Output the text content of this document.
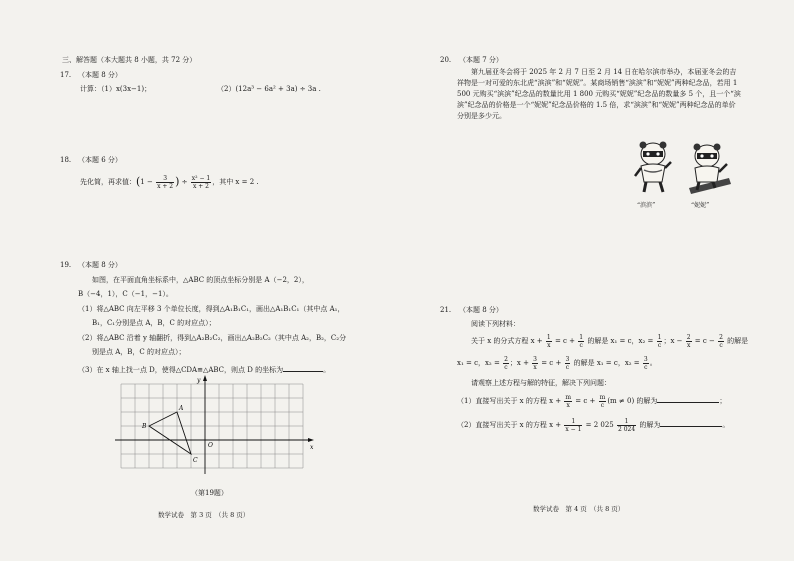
三、解答题（本大题共 8 小题，共 72 分）
17. （本题 8 分）
计算：（1）x(3x−1)；	（2）(12a³ − 6a² + 3a) ÷ 3a .
18. （本题 6 分）
先化简，再求值：($1 - \frac{3}{x + 2}$ ) ÷ $\frac{\text{x² − 1}}{x + 2}$ ，其中 x = 2 .
19. （本题 8 分）
如图，在平面直角坐标系中，△ABC 的顶点坐标分别是 A（−2，2），
B（−4，1），C（−1，−1）。
（1）将△ABC 向左平移 3 个单位长度，得到△A₁B₁C₁，画出△A₁B₁C₁（其中点 A₁，
B₁，C₁分别是点 A，B，C 的对应点）；
（2）将△ABC 沿着 y 轴翻折，得到△A₂B₂C₂，画出△A₂B₂C₂（其中点 A₂，B₂，C₂分
别是点 A，B，C 的对应点）；
（3）在 x 轴上找一点 D，使得△CDA≌△ABC，则点 D 的坐标为	。
A
B
C
O	x
y
（第19题）
数学试卷　第 3 页　（共 8 页）
20. （本题 7 分）
第九届亚冬会将于 2025 年 2 月 7 日至 2 月 14 日在哈尔滨市举办，本届亚冬会的吉祥物是一对可爱的东北虎“滨滨”和“妮妮”。某商场销售“滨滨”和“妮妮”两种纪念品，若用 1 500 元购买“滨滨”纪念品的数量比用 1 800 元购买“妮妮”纪念品的数量多 5 个，且一个“滨滨”纪念品的价格是一个“妮妮”纪念品价格的 1.5 倍，求“滨滨”和“妮妮”两种纪念品的单价分别是多少元。
“滨滨”	“妮妮”
21. （本题 8 分）
阅读下列材料：
关于 x 的分式方程 $x + \frac{1}{x} = c + \frac{1}{c}$ 的解是 x₁ = c，$x_2 = \frac{1}{c}$ ；$x - \frac{2}{x} = c - \frac{2}{c}$ 的解是
x₁ = c，$x_2 = \frac{2}{c}$ ；$x + \frac{3}{x} = c + \frac{3}{c}$ 的解是 x₁ = c，$x_2 = \frac{3}{c}$ 。
请观察上述方程与解的特征，解决下列问题：
（1）直接写出关于 x 的方程 $x + \frac{m}{x} = c + \frac{m}{c} (m \ne 0)$ 的解为	；
（2）直接写出关于 x 的方程 $x + \frac{1}{x - 1} = 2$ $025 \frac{1}{2 024}$ 的解为	。
数学试卷　第 4 页　（共 8 页）
